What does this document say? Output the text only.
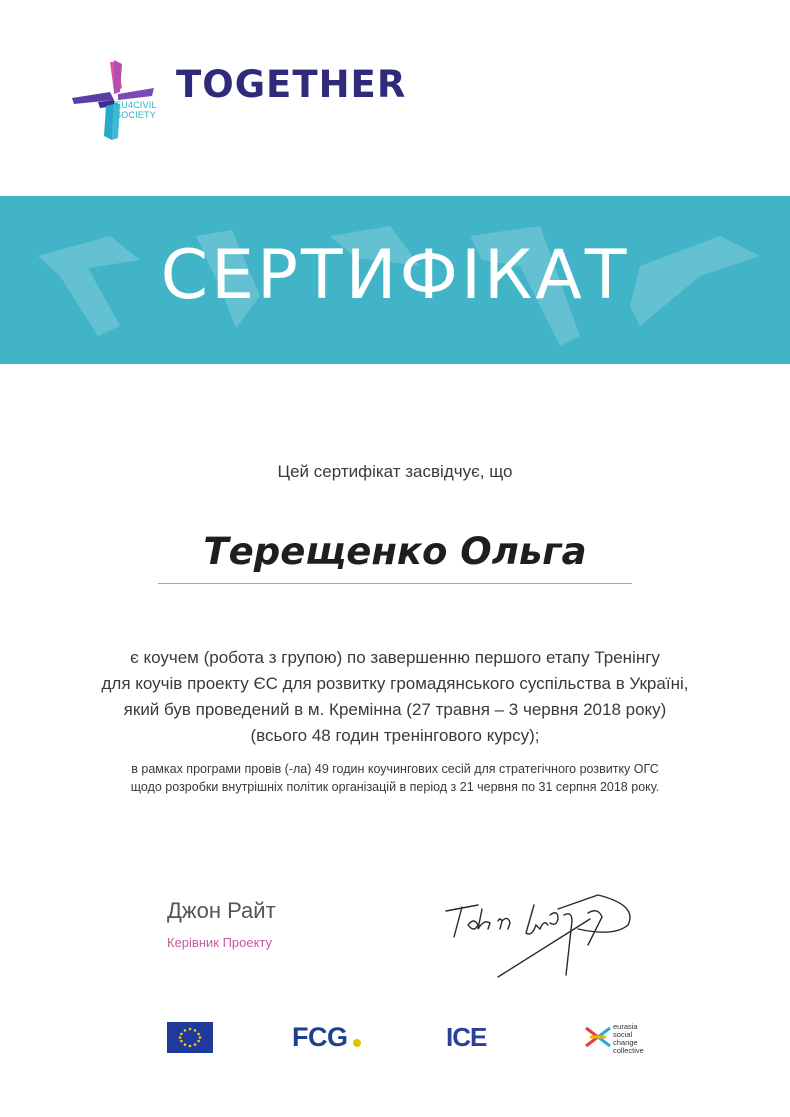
EU4CIVIL
SOCIETY
TOGETHER
СЕРТИФІКАТ
Цей сертифікат засвідчує, що
Терещенко Ольга
є коучем (робота з групою) по завершенню першого етапу Тренінгу
для коучів проекту ЄС для розвитку громадянського суспільства в Україні,
який був проведений в м. Кремінна (27 травня – 3 червня 2018 року)
(всього 48 годин тренінгового курсу);
в рамках програми провів (-ла) 49 годин коучингових сесій для стратегічного розвитку ОГС
щодо розробки внутрішніх політик організацій в період з 21 червня по 31 серпня 2018 року.
Джон Райт
Керівник Проекту
FCG	ICE	eurasia
social
change
collective
